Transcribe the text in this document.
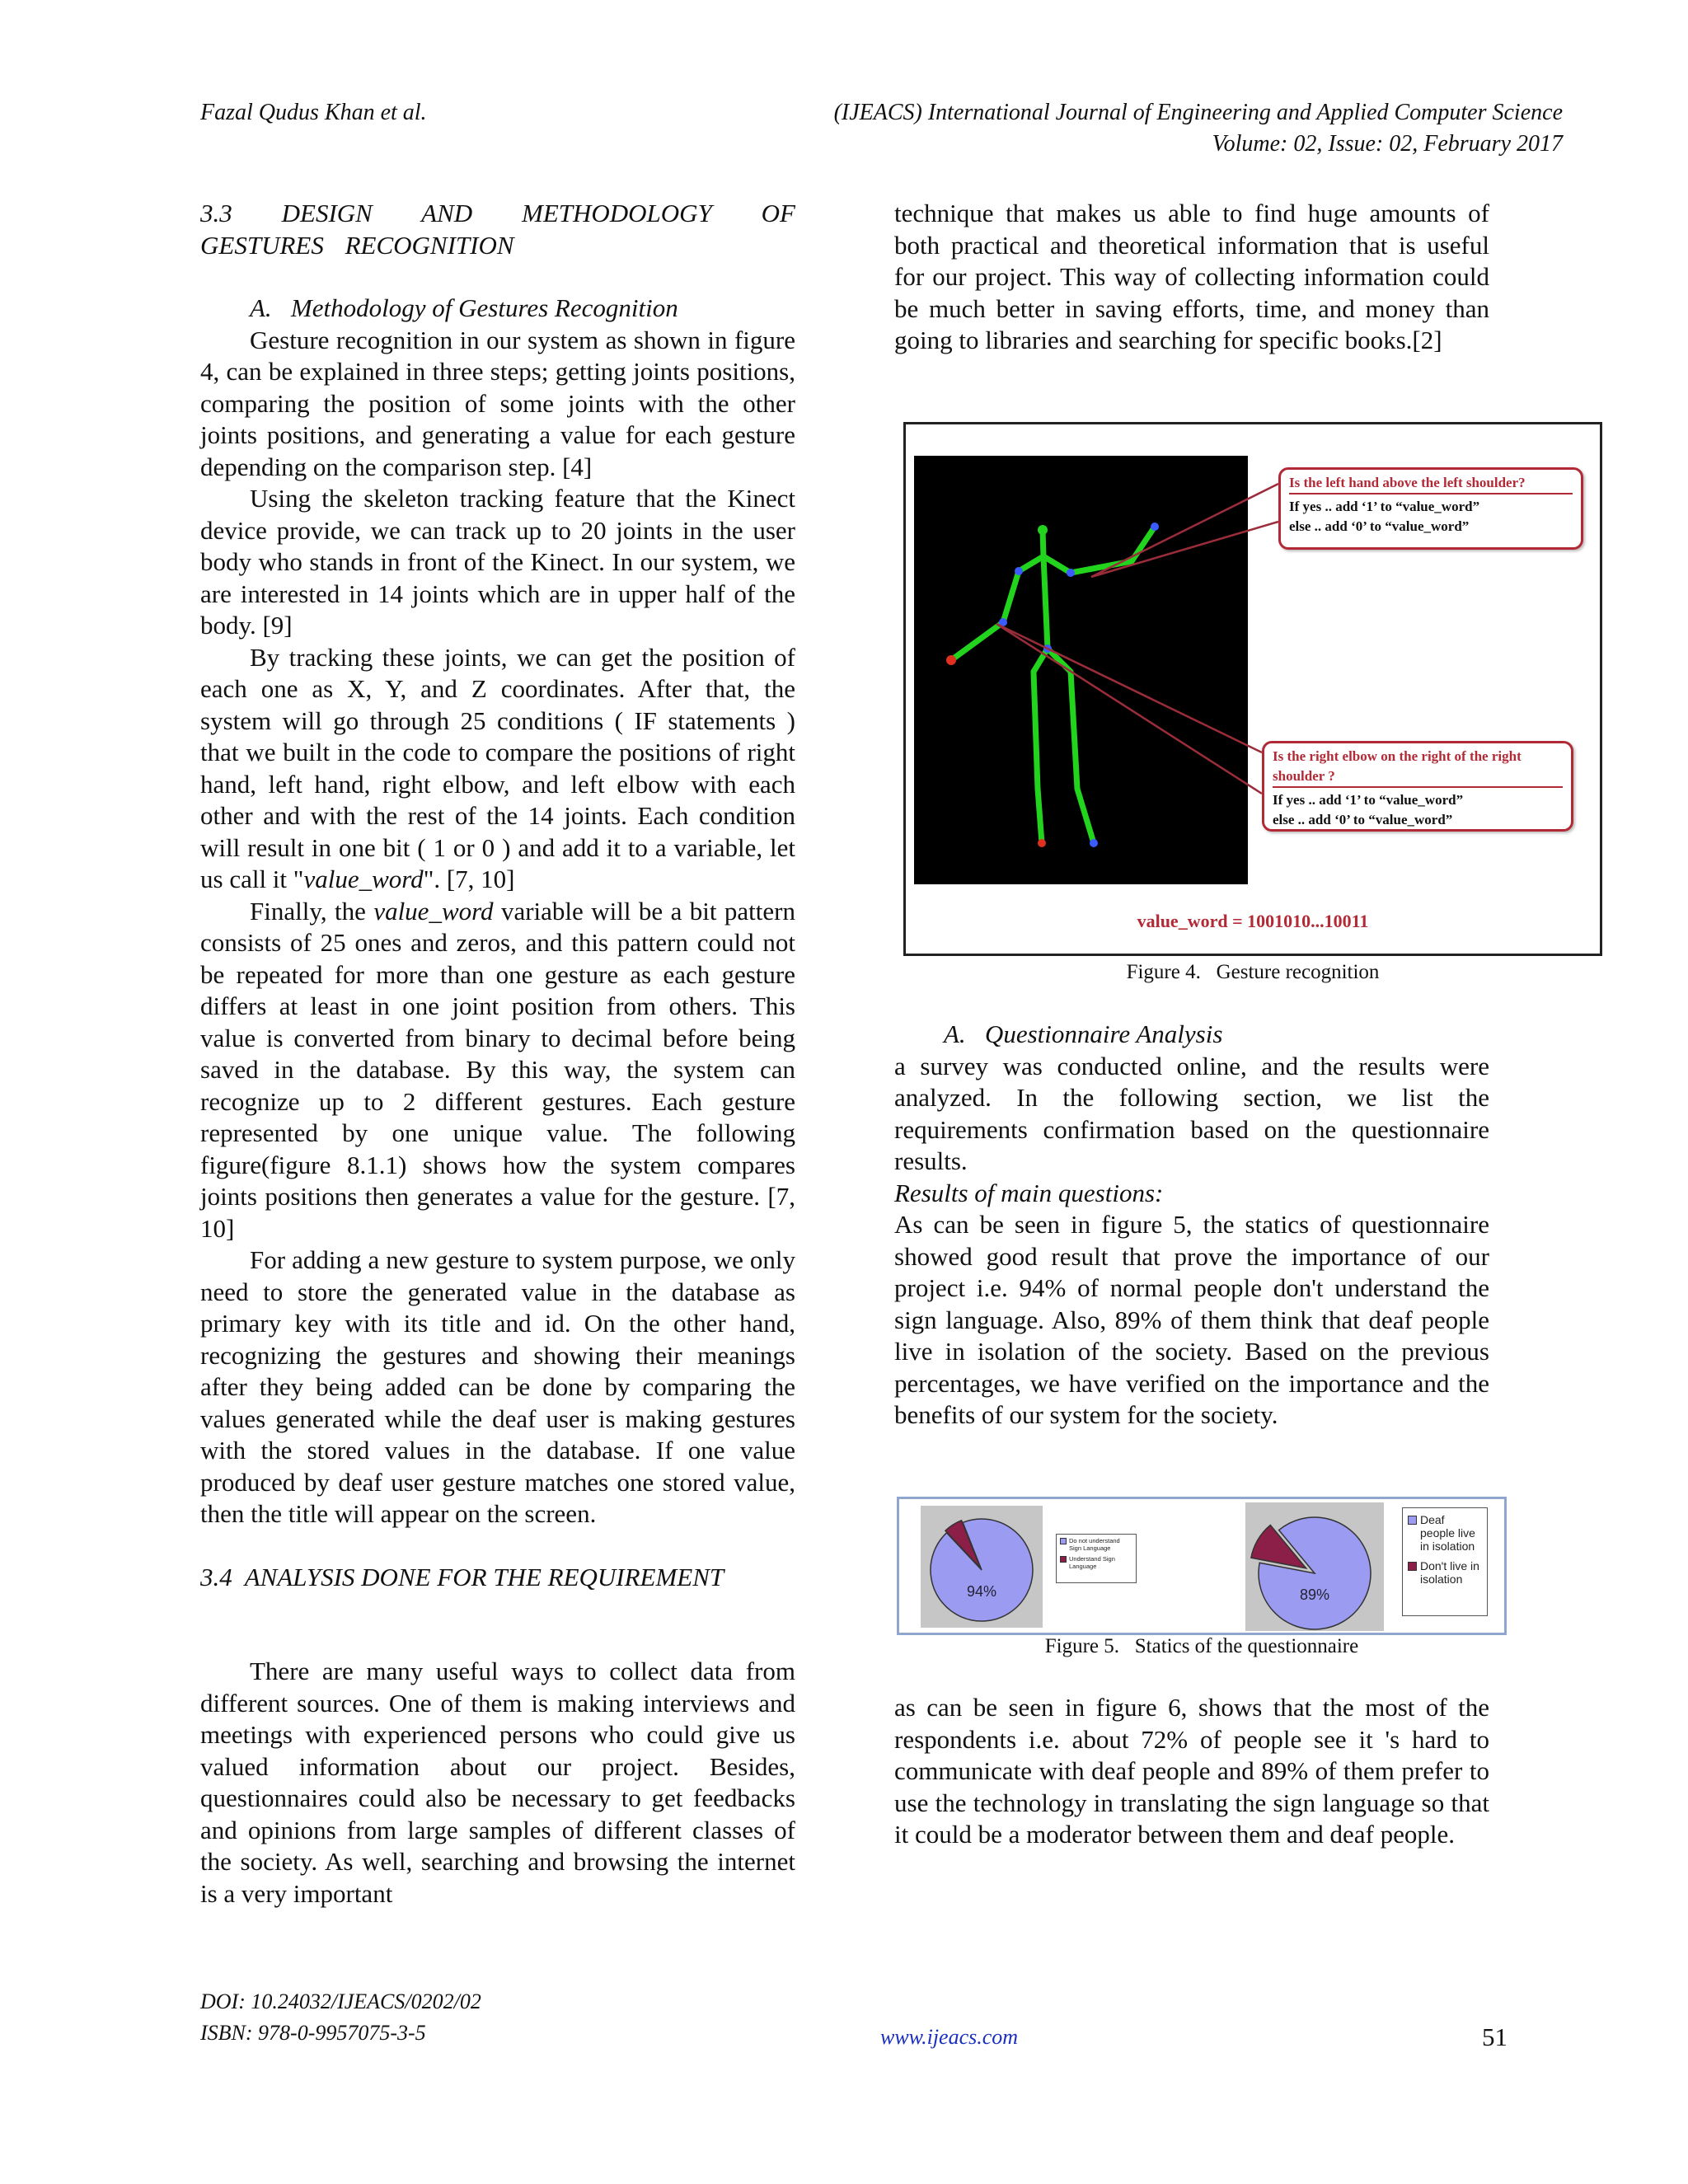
Fazal Qudus Khan et al.	(IJEACS) International Journal of Engineering and Applied Computer Science
Volume: 02, Issue: 02, February 2017

3.3 DESIGN AND METHODOLOGY OF GESTURES RECOGNITION

A.   Methodology of Gestures Recognition

Gesture recognition in our system as shown in figure 4, can be explained in three steps; getting joints positions, comparing the position of some joints with the other joints positions, and generating a value for each gesture depending on the comparison step. [4]

Using the skeleton tracking feature that the Kinect device provide, we can track up to 20 joints in the user body who stands in front of the Kinect. In our system, we are interested in 14 joints which are in upper half of the body. [9]

By tracking these joints, we can get the position of each one as X, Y, and Z coordinates. After that, the system will go through 25 conditions ( IF statements ) that we built in the code to compare the positions of right hand, left hand, right elbow, and left elbow with each other and with the rest of the 14 joints. Each condition will result in one bit ( 1 or 0 ) and add it to a variable, let us call it "value_word". [7, 10]

Finally, the value_word variable will be a bit pattern consists of 25 ones and zeros, and this pattern could not be repeated for more than one gesture as each gesture differs at least in one joint position from others. This value is converted from binary to decimal before being saved in the database. By this way, the system can recognize up to 2 different gestures. Each gesture represented by one unique value. The following figure(figure 8.1.1) shows how the system compares joints positions then generates a value for the gesture. [7, 10]

For adding a new gesture to system purpose, we only need to store the generated value in the database as primary key with its title and id. On the other hand, recognizing the gestures and showing their meanings after they being added can be done by comparing the values generated while the deaf user is making gestures with the stored values in the database. If one value produced by deaf user gesture matches one stored value, then the title will appear on the screen.

3.4  ANALYSIS DONE FOR THE REQUIREMENT

There are many useful ways to collect data from different sources. One of them is making interviews and meetings with experienced persons who could give us valued information about our project. Besides, questionnaires could also be necessary to get feedbacks and opinions from large samples of different classes of the society. As well, searching and browsing the internet is a very important

technique that makes us able to find huge amounts of both practical and theoretical information that is useful for our project. This way of collecting information could be much better in saving efforts, time, and money than going to libraries and searching for specific books.[2]

Is the left hand above the left shoulder?
If yes .. add ‘1’ to “value_word”
else .. add ‘0’ to “value_word”
Is the right elbow on the right of the right shoulder ?
If yes .. add ‘1’ to “value_word”
else .. add ‘0’ to “value_word”
value_word = 1001010...10011
Figure 4.   Gesture recognition

A.   Questionnaire Analysis

a survey was conducted online, and the results were analyzed. In the following section, we list the requirements confirmation based on the questionnaire results.

Results of main questions:

As can be seen in figure 5, the statics of questionnaire showed good result that prove the importance of our project i.e. 94% of normal people don't understand the sign language. Also, 89% of them think that deaf people live in isolation of the society. Based on the previous percentages, we have verified on the importance and the benefits of our system for the society.

94%
Do not understand Sign Language
Understand Sign Language
89%
Deaf people live in isolation
Don't live in isolation
Figure 5.   Statics of the questionnaire

as can be seen in figure 6, shows that the most of the respondents i.e. about 72% of people see it 's hard to communicate with deaf people and 89% of them prefer to use the technology in translating the sign language so that it could be a moderator between them and deaf people.

DOI: 10.24032/IJEACS/0202/02
ISBN: 978-0-9957075-3-5	www.ijeacs.com	51
